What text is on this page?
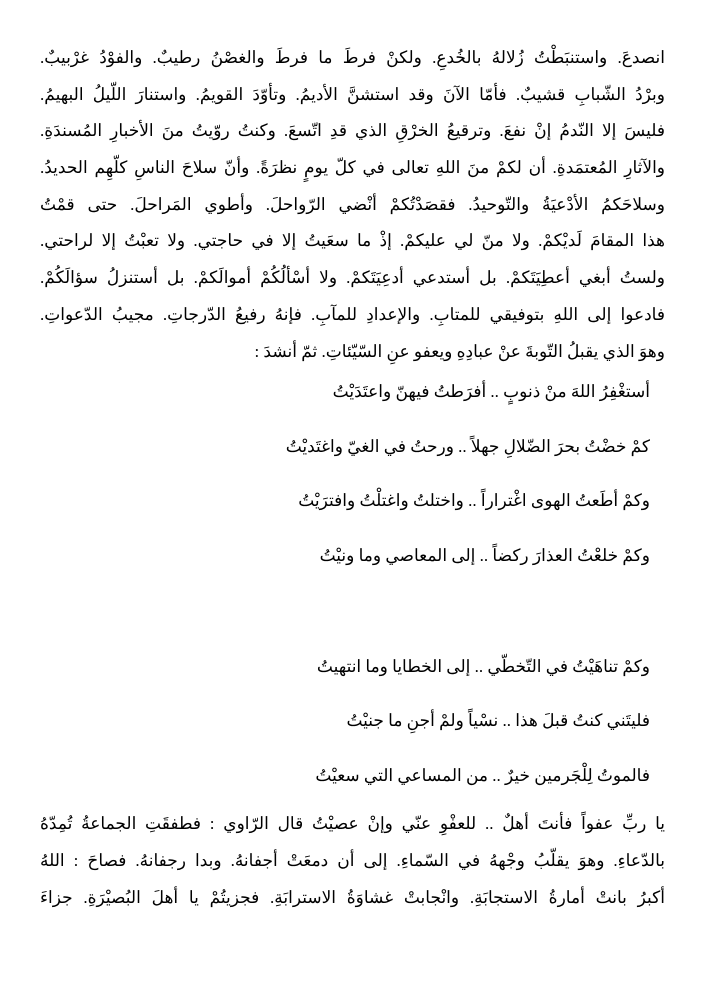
انصدعَ. واستنبَطْتُ زُلالهُ بالخُدعِ. ولكنْ فرطَ ما فرطَ والغصْنُ رطيبٌ. والفوْدُ غرْبيبٌ.
وبرْدُ الشّبابِ قشيبٌ. فأمّا الآنَ وقد استشنَّ الأديمُ. وتأوّدَ القويمُ. واستنارَ اللّيلُ البهيمُ.
فليسَ إلا النّدمُ إنْ نفعَ. وترقيعُ الخرْقِ الذي قدِ اتّسعَ. وكنتُ روّيتُ منَ الأخبارِ المُسندَةِ.
والآثارِ المُعتمَدةِ. أن لكمْ منَ اللهِ تعالى في كلّ يومٍ نظرَةً. وأنّ سلاحَ الناسِ كلّهِم الحديدُ.
وسلاحَكمُ الأدْعيَةُ والتّوحيدُ. فقصَدْتُكمْ أنْضي الرّواحلَ. وأطوي المَراحلَ. حتى قمْتُ
هذا المقامَ لَديْكمْ. ولا منّ لي عليكمْ. إذْ ما سعَيتُ إلا في حاجتي. ولا تعبْتُ إلا لراحتي.
ولستُ أبغي أعطِيَتَكمْ. بل أستدعي أدعِيَتَكمْ. ولا أسْألُكُمْ أموالَكمْ. بل أستنزلُ سؤالَكُمْ.
فادعوا إلى اللهِ بتوفيقي للمتابِ. والإعدادِ للمآبِ. فإنهُ رفيعُ الدّرجاتِ. مجيبُ الدّعواتِ.
وهوَ الذي يقبلُ التّوبةَ عنْ عبادِهِ ويعفو عنِ السّيّئاتِ. ثمّ أنشدَ :
أستغْفِرُ اللهَ منْ ذنوبٍ .. أفرَطتُ فيهنّ واعتَدَيْتُ
كمْ خضْتُ بحرَ الضّلالِ جهلاً .. ورحتُ في الغيّ واغتَديْتُ
وكمْ أطَعتُ الهوى اغْتراراً .. واختلتُ واغتلْتُ وافترَيْتُ
وكمْ خلعْتُ العذارَ ركضاً .. إلى المعاصي وما ونيْتُ
وكمْ تناهَيْتُ في التّخطّي .. إلى الخطايا وما انتهيتُ
فليتَني كنتُ قبلَ هذا .. نسْياً ولمْ أجنِ ما جنيْتُ
فالموتُ لِلْجَرمين خيرٌ .. من المساعي التي سعيْتُ
يا ربِّ عفواً فأنتَ أهلٌ .. للعفْوِ عنّي وإنْ عصيْتُ قال الرّاوي : فطفقَتِ الجماعةُ تُمِدّهُ
بالدّعاءِ. وهوَ يقلّبُ وجْههُ في السّماءِ. إلى أن دمعَتْ أجفانهُ. وبدا رجفانهُ. فصاحَ : اللهُ
أكبرُ بانتْ أمارةُ الاستجابَةِ. وانْجابتْ غشاوَةُ الاسترابَةِ. فجزيتُمْ يا أهلَ البُصيْرَةِ. جزاءَ
